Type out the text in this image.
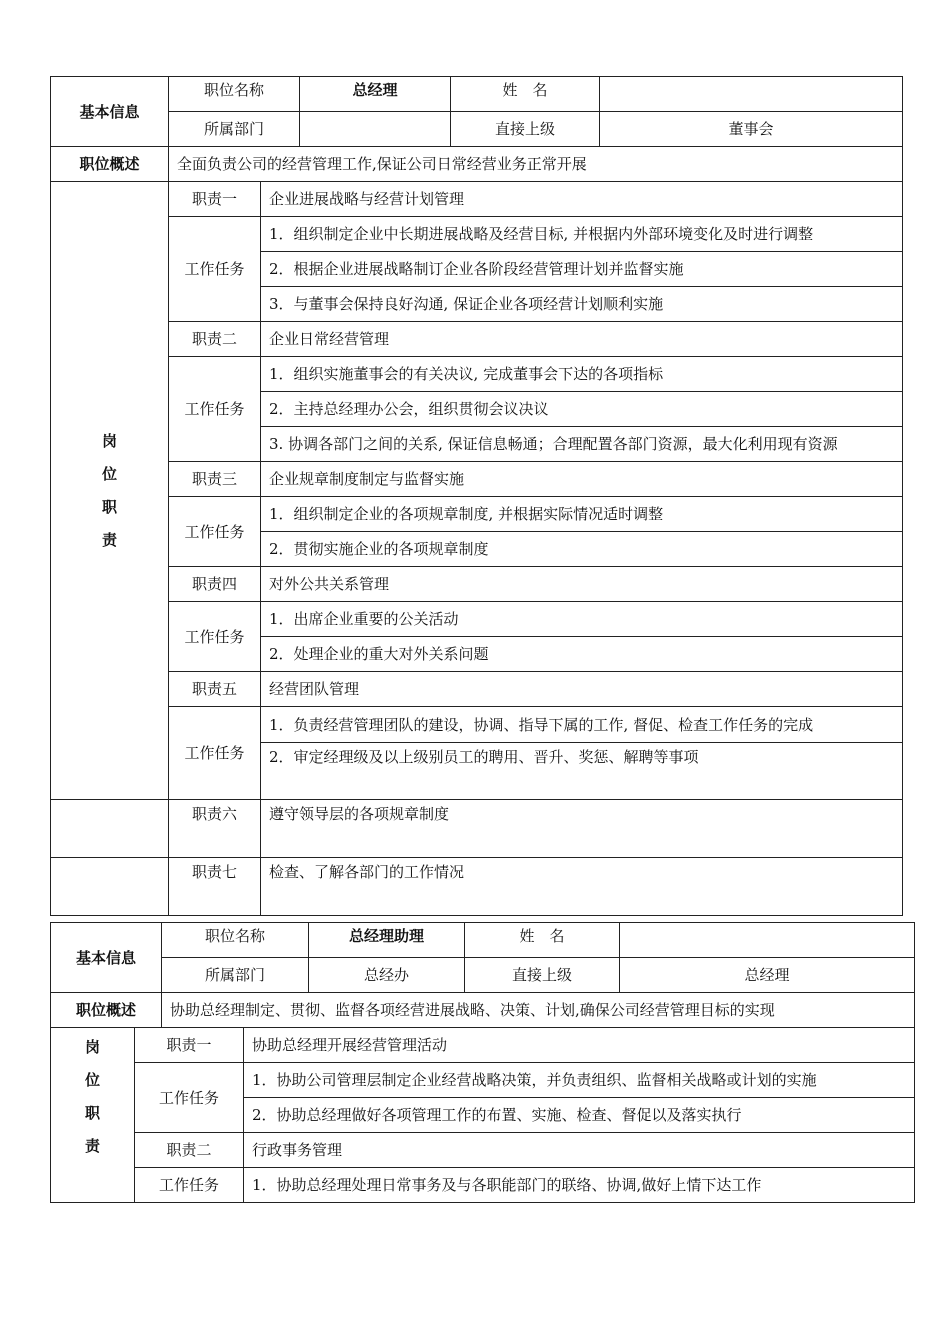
基本信息	职位名称		总经理	姓　名	
	所属部门			直接上级	董事会
职位概述	全面负责公司的经营管理工作,保证公司日常经营业务正常开展				

岗
位
职
责	职责一	企业进展战略与经营计划管理			
	工作任务	1．组织制定企业中长期进展战略及经营目标, 并根据内外部环境变化及时进行调整			
		2．根据企业进展战略制订企业各阶段经营管理计划并监督实施			
		3．与董事会保持良好沟通, 保证企业各项经营计划顺利实施			
	职责二	企业日常经营管理			
	工作任务	1．组织实施董事会的有关决议, 完成董事会下达的各项指标			
		2．主持总经理办公会，组织贯彻会议决议			
		3. 协调各部门之间的关系, 保证信息畅通；合理配置各部门资源，最大化利用现有资源			
	职责三	企业规章制度制定与监督实施			
	工作任务	1．组织制定企业的各项规章制度, 并根据实际情况适时调整			
		2．贯彻实施企业的各项规章制度			
	职责四	对外公共关系管理			
	工作任务	1．出席企业重要的公关活动			
		2．处理企业的重大对外关系问题			
	职责五	经营团队管理			
	工作任务	1．负责经营管理团队的建设，协调、指导下属的工作, 督促、检查工作任务的完成			
		2．审定经理级及以上级别员工的聘用、晋升、奖惩、解聘等事项			
	职责六	遵守领导层的各项规章制度			
	职责七	检查、了解各部门的工作情况			
基本信息		职位名称		总经理助理	姓　名	
		所属部门		总经办	直接上级	总经理
职位概述		协助总经理制定、贯彻、监督各项经营进展战略、决策、计划,确保公司经营管理目标的实现				

岗
位
职
责	职责一		协助总经理开展经营管理活动			
	工作任务		1．协助公司管理层制定企业经营战略决策，并负责组织、监督相关战略或计划的实施			
			2．协助总经理做好各项管理工作的布置、实施、检查、督促以及落实执行			
	职责二		行政事务管理			
	工作任务		1．协助总经理处理日常事务及与各职能部门的联络、协调,做好上情下达工作			
